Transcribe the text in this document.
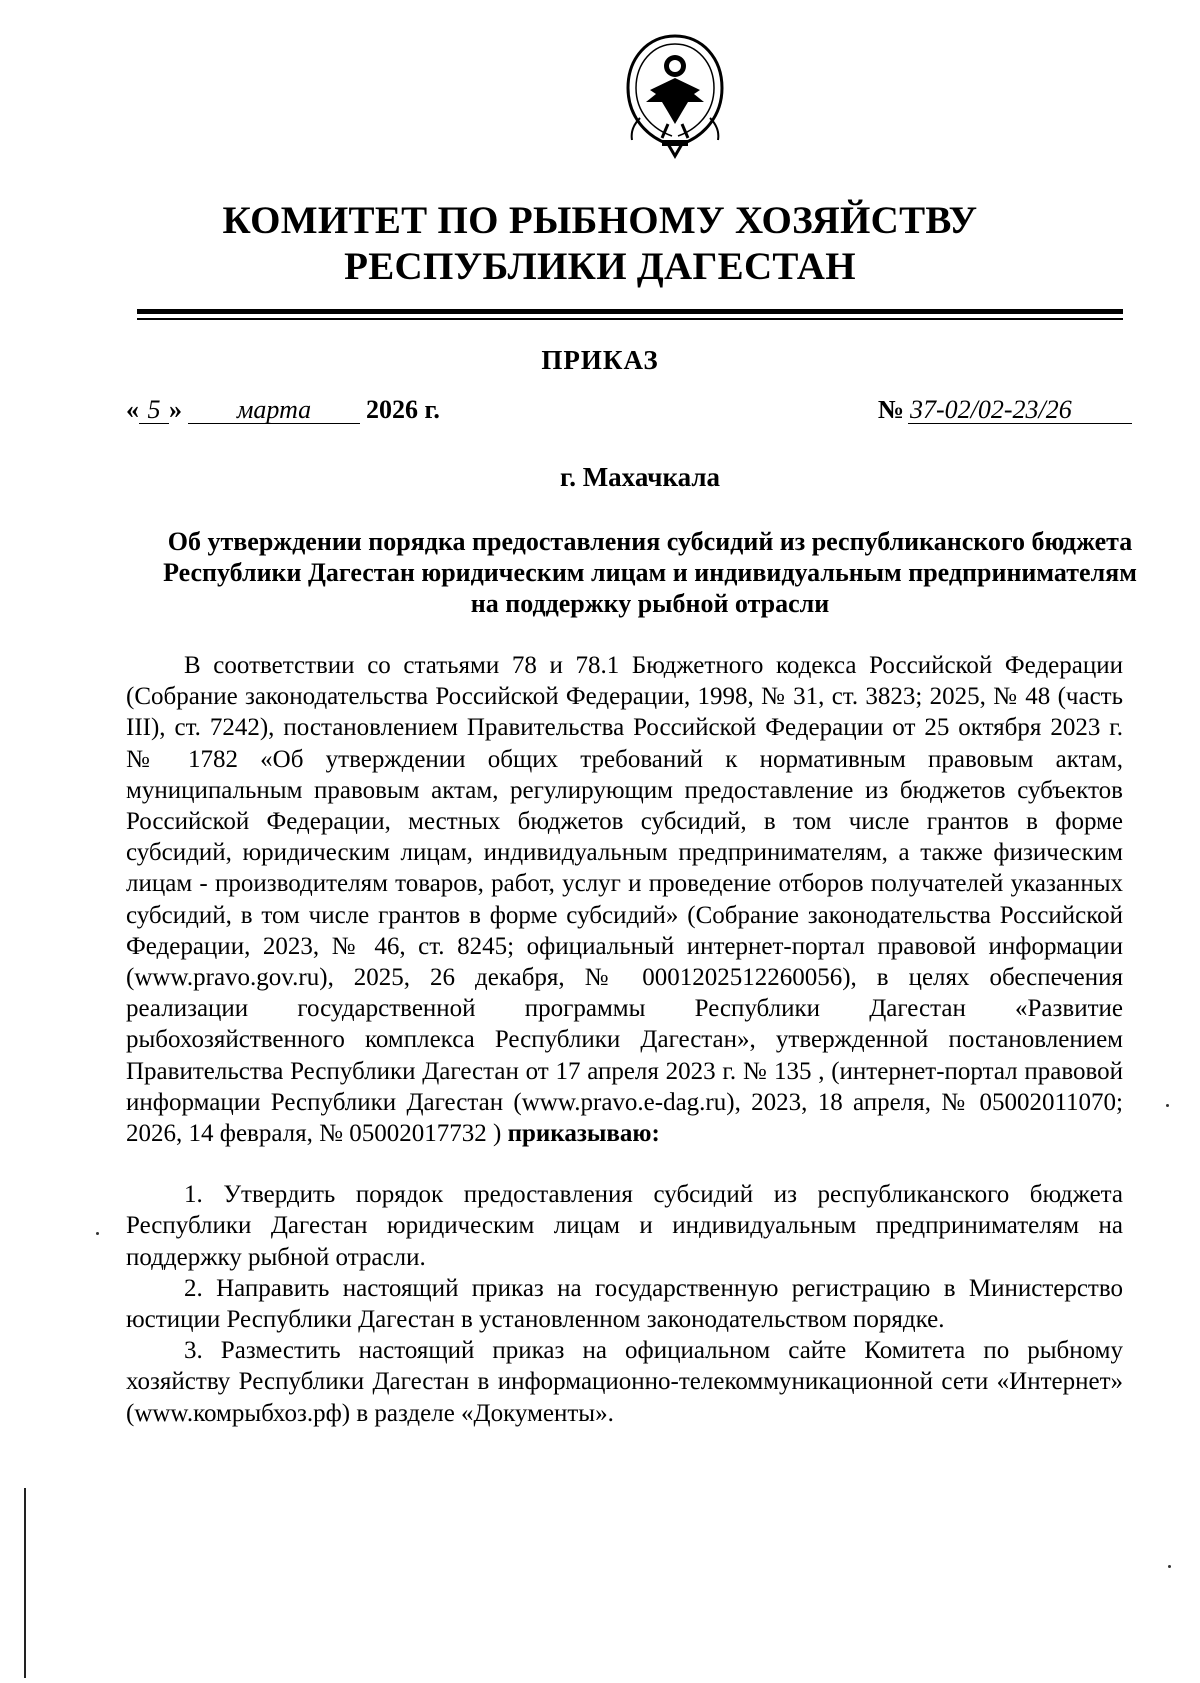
КОМИТЕТ ПО РЫБНОМУ ХОЗЯЙСТВУ
РЕСПУБЛИКИ ДАГЕСТАН
ПРИКАЗ
« 5 » марта 2026 г.	№ 37-02/02-23/26
г. Махачкала
Об утверждении порядка предоставления субсидий из республиканского бюджета Республики Дагестан юридическим лицам и индивидуальным предпринимателям на поддержку рыбной отрасли

В соответствии со статьями 78 и 78.1 Бюджетного кодекса Российской Федерации (Собрание законодательства Российской Федерации, 1998, № 31, ст. 3823; 2025, № 48 (часть III), ст. 7242), постановлением Правительства Российской Федерации от 25 октября 2023 г. № 1782 «Об утверждении общих требований к нормативным правовым актам, муниципальным правовым актам, регулирующим предоставление из бюджетов субъектов Российской Федерации, местных бюджетов субсидий, в том числе грантов в форме субсидий, юридическим лицам, индивидуальным предпринимателям, а также физическим лицам - производителям товаров, работ, услуг и проведение отборов получателей указанных субсидий, в том числе грантов в форме субсидий» (Собрание законодательства Российской Федерации, 2023, № 46, ст. 8245; официальный интернет-портал правовой информации (www.pravo.gov.ru), 2025, 26 декабря, № 0001202512260056), в целях обеспечения реализации государственной программы Республики Дагестан «Развитие рыбохозяйственного комплекса Республики Дагестан», утвержденной постановлением Правительства Республики Дагестан от 17 апреля 2023 г. № 135 , (интернет-портал правовой информации Республики Дагестан (www.pravo.e-dag.ru), 2023, 18 апреля, № 05002011070; 2026, 14 февраля, № 05002017732 ) приказываю:

1. Утвердить порядок предоставления субсидий из республиканского бюджета Республики Дагестан юридическим лицам и индивидуальным предпринимателям на поддержку рыбной отрасли.

2. Направить настоящий приказ на государственную регистрацию в Министерство юстиции Республики Дагестан в установленном законодательством порядке.

3. Разместить настоящий приказ на официальном сайте Комитета по рыбному хозяйству Республики Дагестан в информационно-телекоммуникационной сети «Интернет» (www.комрыбхоз.рф) в разделе «Документы».
